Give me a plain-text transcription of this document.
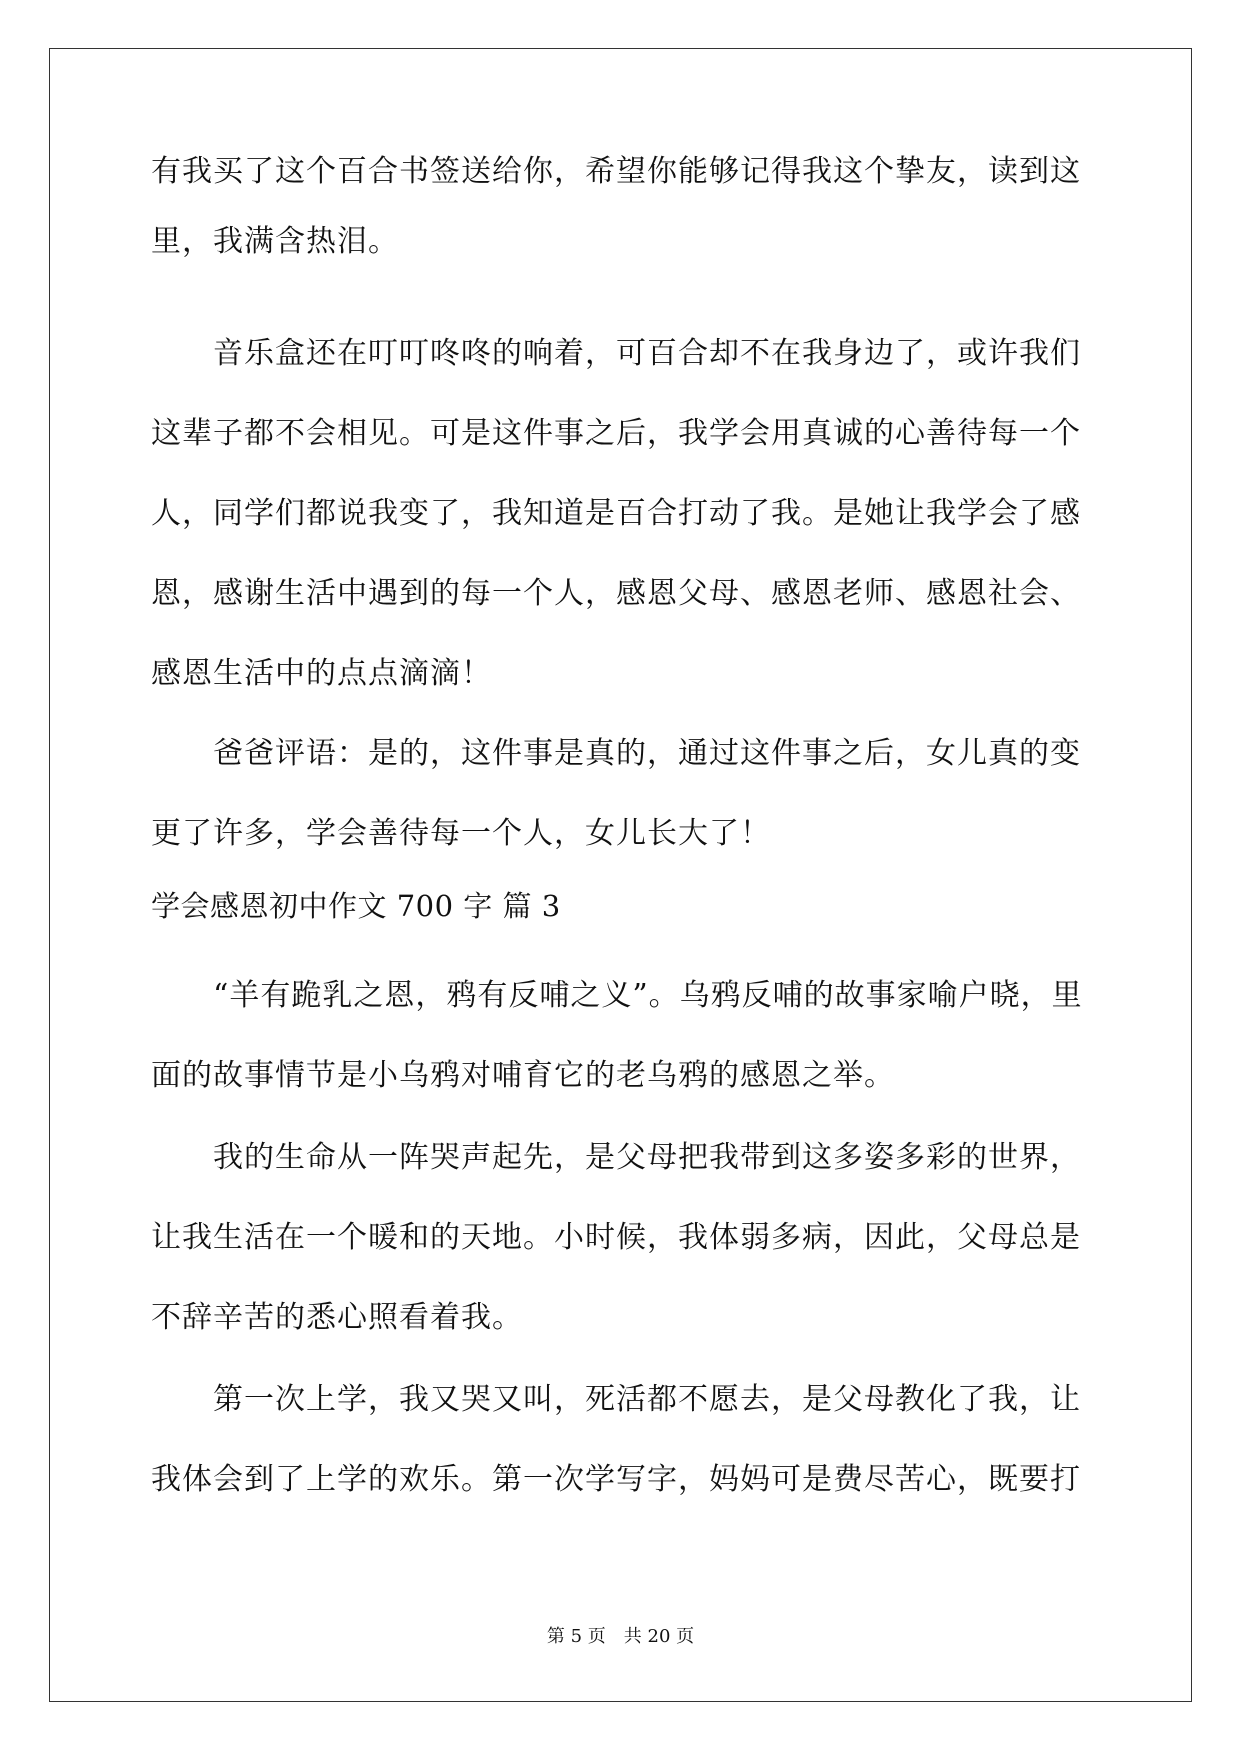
有我买了这个百合书签送给你，希望你能够记得我这个挚友，读到这
里，我满含热泪。
　　音乐盒还在叮叮咚咚的响着，可百合却不在我身边了，或许我们
这辈子都不会相见。可是这件事之后，我学会用真诚的心善待每一个
人，同学们都说我变了，我知道是百合打动了我。是她让我学会了感
恩，感谢生活中遇到的每一个人，感恩父母、感恩老师、感恩社会、
感恩生活中的点点滴滴！
　　爸爸评语：是的，这件事是真的，通过这件事之后，女儿真的变
更了许多，学会善待每一个人，女儿长大了！
学会感恩初中作文 700 字 篇 3
　　“羊有跪乳之恩，鸦有反哺之义”。乌鸦反哺的故事家喻户晓，里
面的故事情节是小乌鸦对哺育它的老乌鸦的感恩之举。
　　我的生命从一阵哭声起先，是父母把我带到这多姿多彩的世界，
让我生活在一个暖和的天地。小时候，我体弱多病，因此，父母总是
不辞辛苦的悉心照看着我。
　　第一次上学，我又哭又叫，死活都不愿去，是父母教化了我，让
我体会到了上学的欢乐。第一次学写字，妈妈可是费尽苦心，既要打
第 5 页 共 20 页
